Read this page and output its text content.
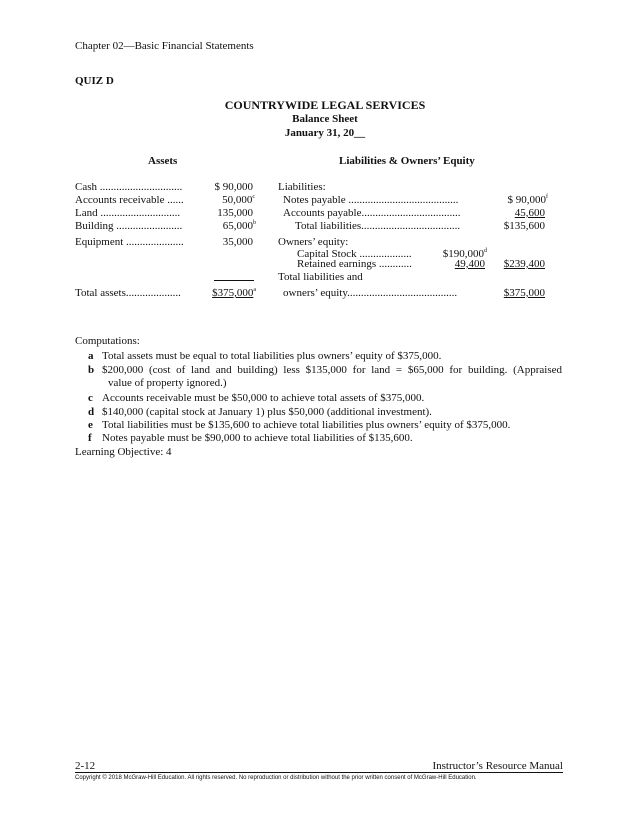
Chapter 02—Basic Financial Statements
QUIZ D
COUNTRYWIDE LEGAL SERVICES
Balance Sheet
January 31, 20__
Assets	Liabilities & Owners’ Equity
Cash ..............................	$ 90,000
Accounts receivable ......	50,000$^c$
Land .............................	135,000
Building ........................	65,000$^b$
Equipment .....................	35,000
Total assets....................	$375,000$^a$
Liabilities:
Notes payable ........................................	$ 90,000$^f$
Accounts payable....................................	45,600
Total liabilities....................................	$135,600
Owners’ equity:
Capital Stock ...................	$190,000$^d$
Retained earnings ............	49,400	$239,400
Total liabilities and
owners’ equity........................................	$375,000
Computations:
a Total assets must be equal to total liabilities plus owners’ equity of $375,000.
b $200,000 (cost of land and building) less $135,000 for land = $65,000 for building. (Appraised
value of property ignored.)
c Accounts receivable must be $50,000 to achieve total assets of $375,000.
d $140,000 (capital stock at January 1) plus $50,000 (additional investment).
e Total liabilities must be $135,600 to achieve total liabilities plus owners’ equity of $375,000.
f Notes payable must be $90,000 to achieve total liabilities of $135,600.
Learning Objective: 4
2-12	Instructor’s Resource Manual
Copyright © 2018 McGraw-Hill Education. All rights reserved. No reproduction or distribution without the prior written consent of McGraw-Hill Education.
